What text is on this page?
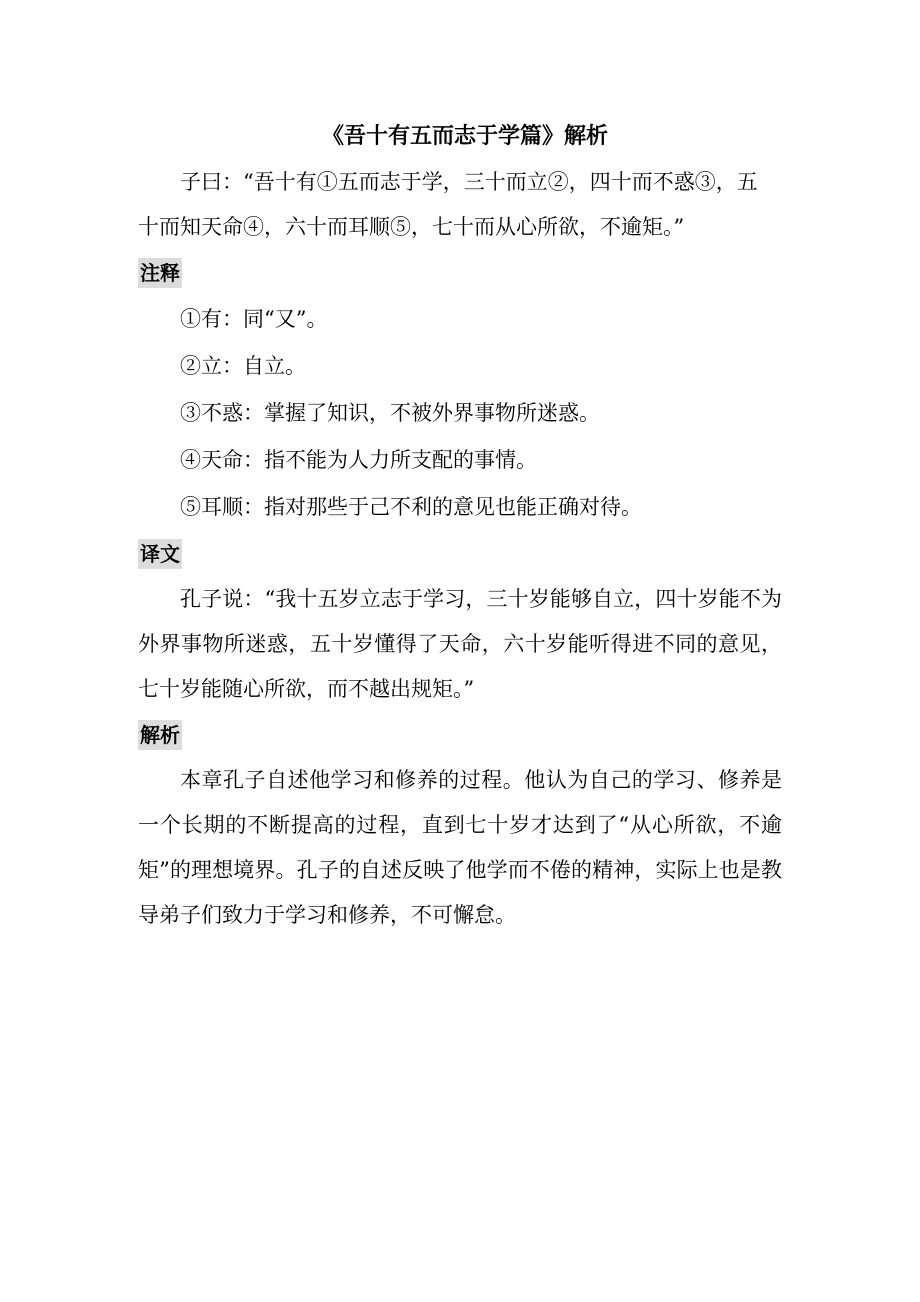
《吾十有五而志于学篇》解析

子曰：“吾十有①五而志于学，三十而立②，四十而不惑③，五

十而知天命④，六十而耳顺⑤，七十而从心所欲，不逾矩。”

注释

①有：同“又”。

②立：自立。

③不惑：掌握了知识，不被外界事物所迷惑。

④天命：指不能为人力所支配的事情。

⑤耳顺：指对那些于己不利的意见也能正确对待。

译文

孔子说：“我十五岁立志于学习，三十岁能够自立，四十岁能不为外界事物所迷惑，五十岁懂得了天命，六十岁能听得进不同的意见，七十岁能随心所欲，而不越出规矩。”

解析

本章孔子自述他学习和修养的过程。他认为自己的学习、修养是一个长期的不断提高的过程，直到七十岁才达到了“从心所欲，不逾矩”的理想境界。孔子的自述反映了他学而不倦的精神，实际上也是教导弟子们致力于学习和修养，不可懈怠。
